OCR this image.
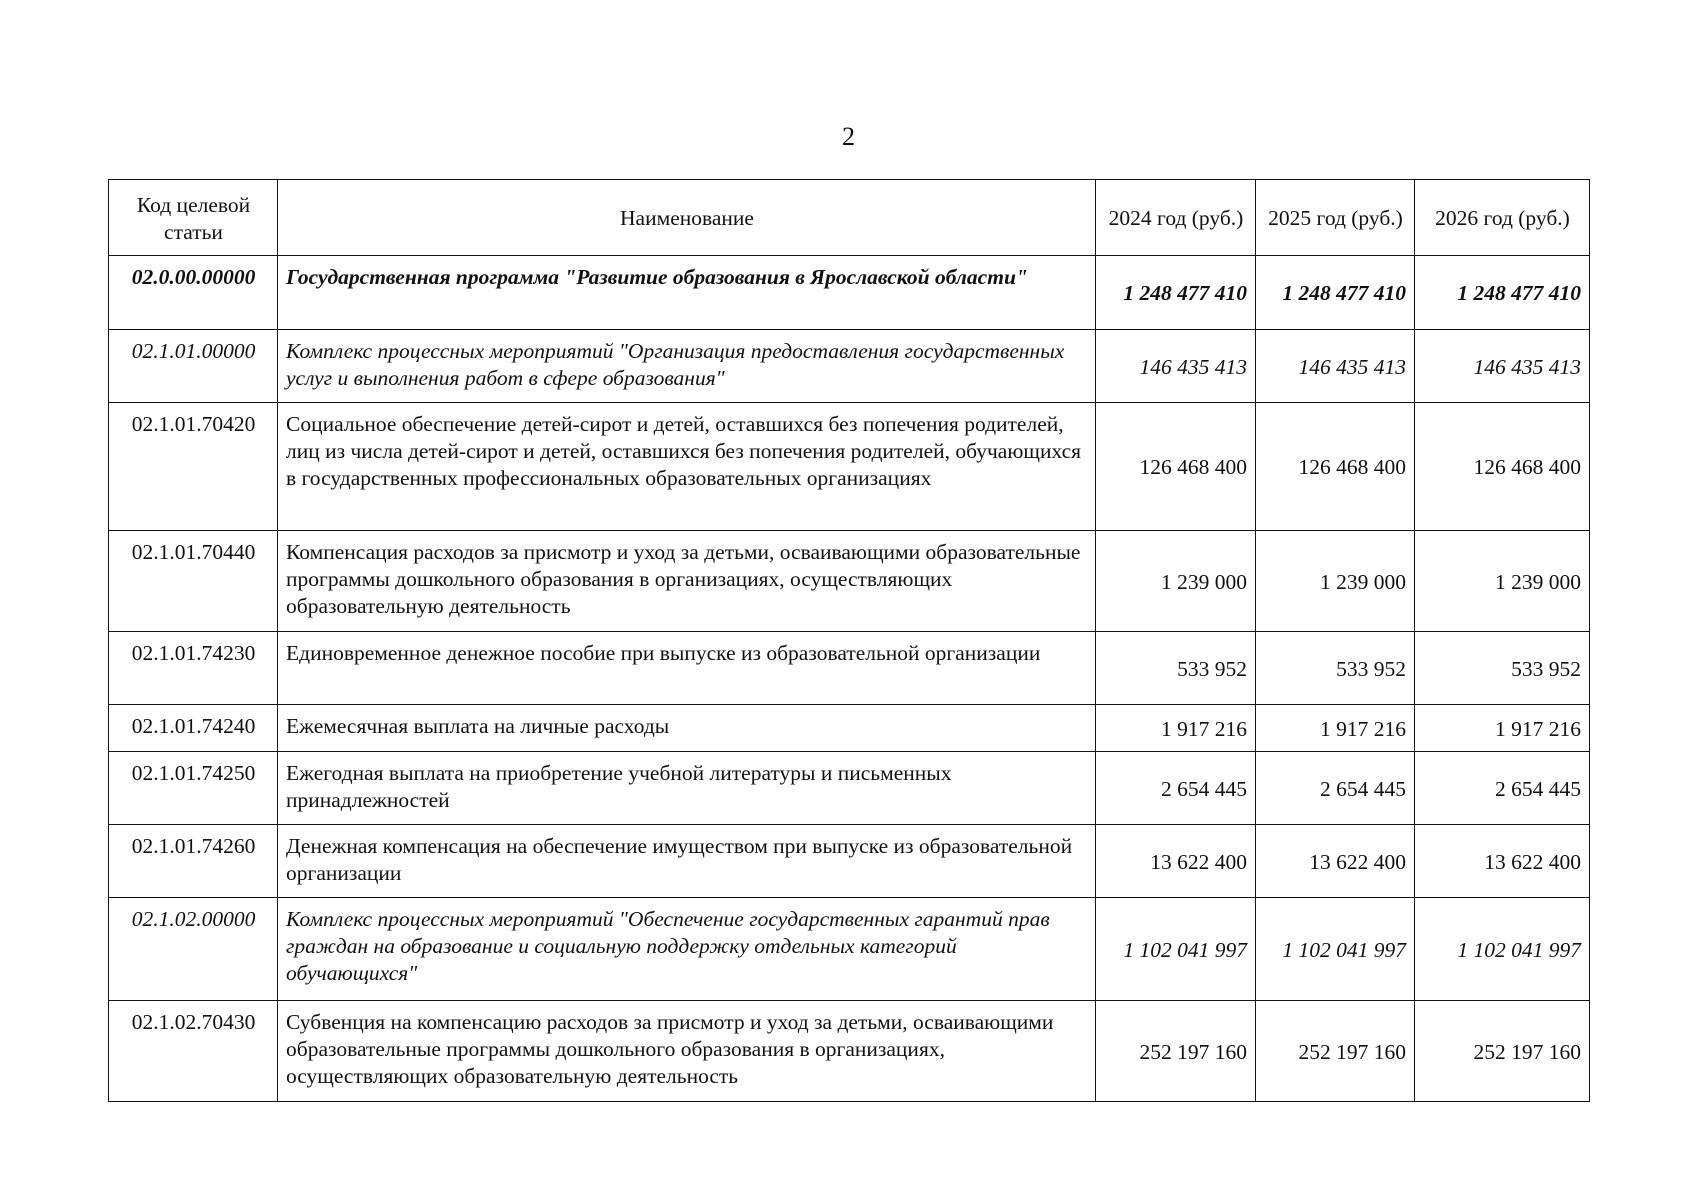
2
Код целевой статьи	Наименование	2024 год (руб.)	2025 год (руб.)	2026 год (руб.)
02.0.00.00000	Государственная программа "Развитие образования в Ярославской области"	1 248 477 410	1 248 477 410	1 248 477 410
02.1.01.00000	Комплекс процессных мероприятий "Организация предоставления государственных услуг и выполнения работ в сфере образования"	146 435 413	146 435 413	146 435 413
02.1.01.70420	Социальное обеспечение детей-сирот и детей, оставшихся без попечения родителей, лиц из числа детей-сирот и детей, оставшихся без попечения родителей, обучающихся в государственных профессиональных образовательных организациях	126 468 400	126 468 400	126 468 400
02.1.01.70440	Компенсация расходов за присмотр и уход за детьми, осваивающими образовательные программы дошкольного образования в организациях, осуществляющих образовательную деятельность	1 239 000	1 239 000	1 239 000
02.1.01.74230	Единовременное денежное пособие при выпуске из образовательной организации	533 952	533 952	533 952
02.1.01.74240	Ежемесячная выплата на личные расходы	1 917 216	1 917 216	1 917 216
02.1.01.74250	Ежегодная выплата на приобретение учебной литературы и письменных принадлежностей	2 654 445	2 654 445	2 654 445
02.1.01.74260	Денежная компенсация на обеспечение имуществом при выпуске из образовательной организации	13 622 400	13 622 400	13 622 400
02.1.02.00000	Комплекс процессных мероприятий "Обеспечение государственных гарантий прав граждан на образование и социальную поддержку отдельных категорий обучающихся"	1 102 041 997	1 102 041 997	1 102 041 997
02.1.02.70430	Субвенция на компенсацию расходов за присмотр и уход за детьми, осваивающими образовательные программы дошкольного образования в организациях, осуществляющих образовательную деятельность	252 197 160	252 197 160	252 197 160
